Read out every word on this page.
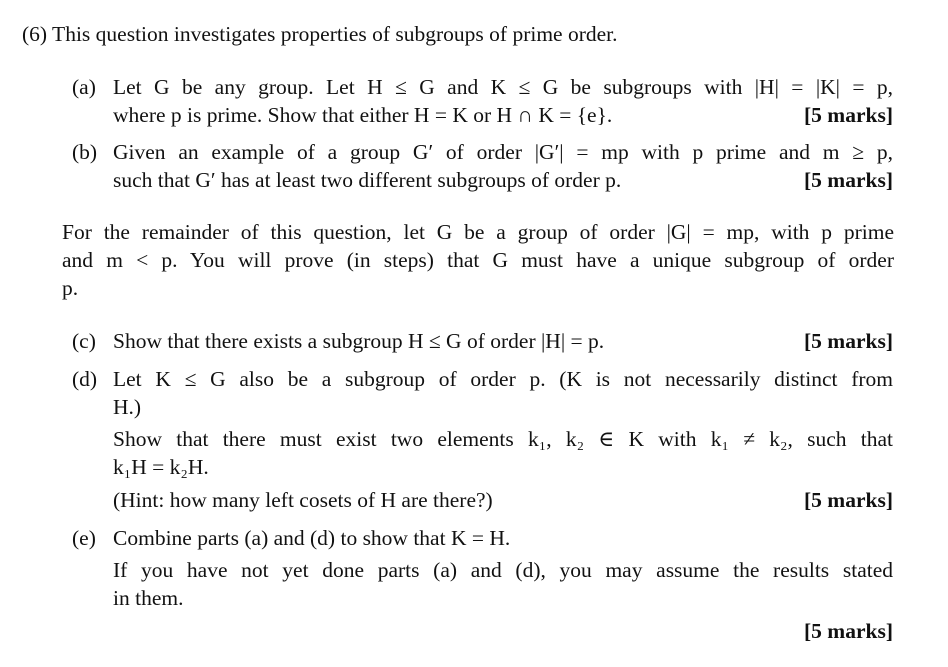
(6) This question investigates properties of subgroups of prime order.
(a) Let G be any group. Let H ≤ G and K ≤ G be subgroups with |H| = |K| = p,
where p is prime. Show that either H = K or H ∩ K = {e}.	[5 marks]
(b) Given an example of a group G′ of order |G′| = mp with p prime and m ≥ p,
such that G′ has at least two different subgroups of order p.	[5 marks]
For the remainder of this question, let G be a group of order |G| = mp, with p prime
and m < p. You will prove (in steps) that G must have a unique subgroup of order
p.
(c) Show that there exists a subgroup H ≤ G of order |H| = p.	[5 marks]
(d) Let K ≤ G also be a subgroup of order p. (K is not necessarily distinct from
H.)
Show that there must exist two elements k₁, k₂ ∈ K with k₁ ≠ k₂, such that
k₁H = k₂H.
(Hint: how many left cosets of H are there?)	[5 marks]
(e) Combine parts (a) and (d) to show that K = H.
If you have not yet done parts (a) and (d), you may assume the results stated
in them.
[5 marks]
